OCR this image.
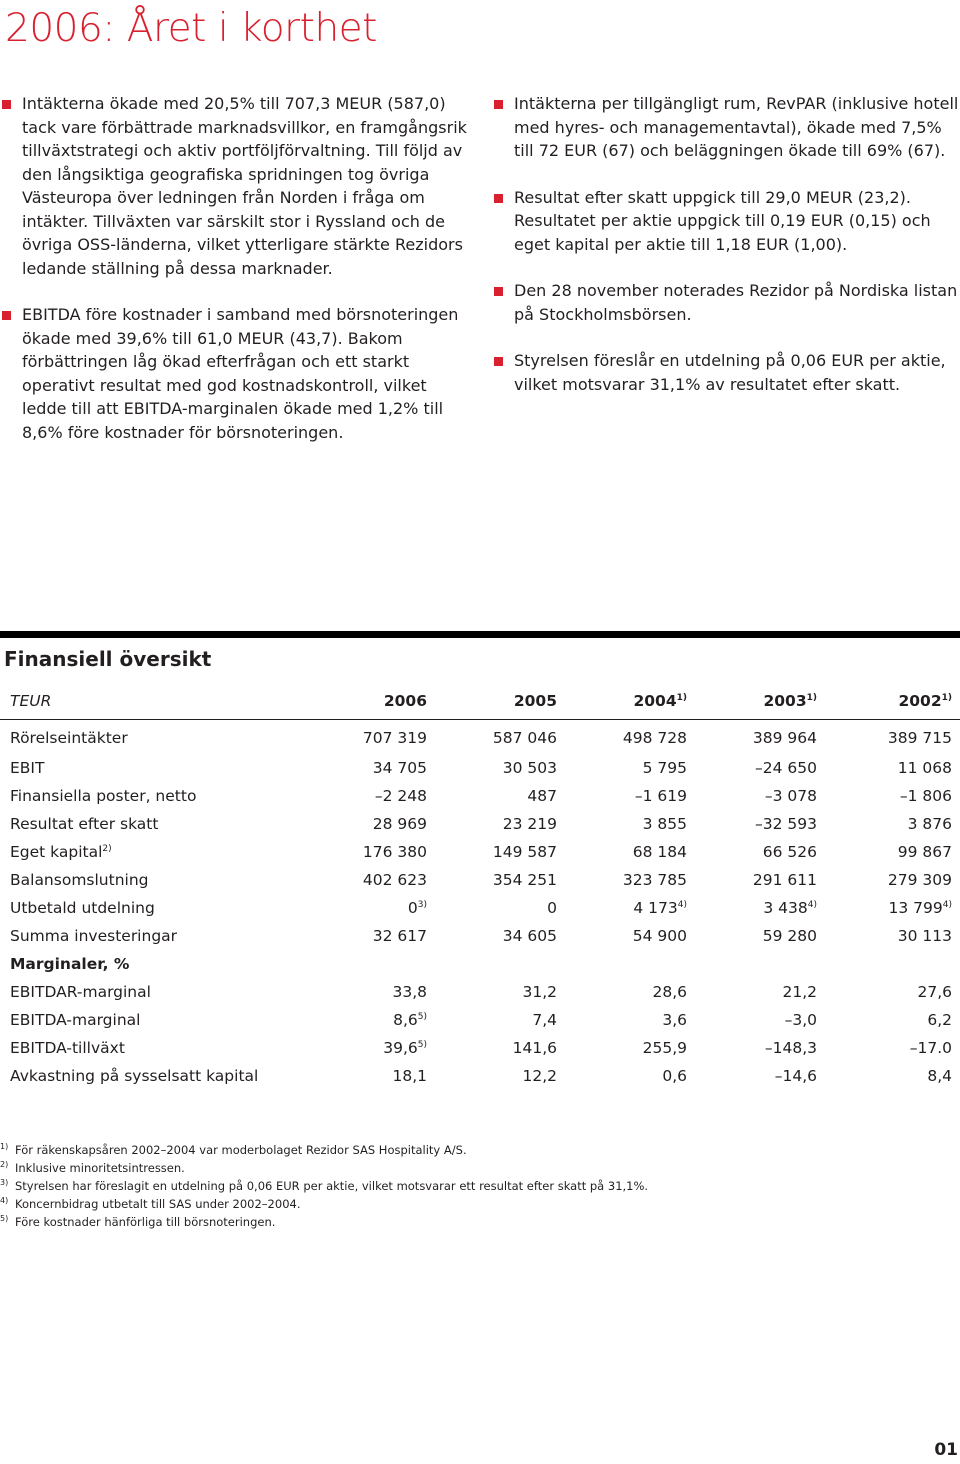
2006: Året i korthet
Intäkterna ökade med 20,5% till 707,3 MEUR (587,0) tack vare förbättrade marknadsvillkor, en framgångsrik tillväxtstrategi och aktiv portföljförvaltning. Till följd av den långsiktiga geografiska spridningen tog övriga Västeuropa över ledningen från Norden i fråga om intäkter. Tillväxten var särskilt stor i Ryssland och de övriga OSS-länderna, vilket ytterligare stärkte Rezidors ledande ställning på dessa marknader.
EBITDA före kostnader i samband med börsnoteringen ökade med 39,6% till 61,0 MEUR (43,7). Bakom förbättringen låg ökad efterfrågan och ett starkt operativt resultat med god kostnadskontroll, vilket ledde till att EBITDA-marginalen ökade med 1,2% till 8,6% före kostnader för börsnoteringen.
Intäkterna per tillgängligt rum, RevPAR (inklusive hotell med hyres- och managementavtal), ökade med 7,5% till 72 EUR (67) och beläggningen ökade till 69% (67).
Resultat efter skatt uppgick till 29,0 MEUR (23,2). Resultatet per aktie uppgick till 0,19 EUR (0,15) och eget kapital per aktie till 1,18 EUR (1,00).
Den 28 november noterades Rezidor på Nordiska listan på Stockholmsbörsen.
Styrelsen föreslår en utdelning på 0,06 EUR per aktie, vilket motsvarar 31,1% av resultatet efter skatt.
Finansiell översikt
TEUR	2006	2005	2004$^{1)}$	2003$^{1)}$	2002$^{1)}$
Rörelseintäkter	707 319	587 046	498 728	389 964	389 715
EBIT	34 705	30 503	5 795	–24 650	11 068
Finansiella poster, netto	–2 248	487	–1 619	–3 078	–1 806
Resultat efter skatt	28 969	23 219	3 855	–32 593	3 876
Eget kapital$^{2)}$	176 380	149 587	68 184	66 526	99 867
Balansomslutning	402 623	354 251	323 785	291 611	279 309
Utbetald utdelning	0$^{3)}$	0	4 173$^{4)}$	3 438$^{4)}$	13 799$^{4)}$
Summa investeringar	32 617	34 605	54 900	59 280	30 113
Marginaler, %					
EBITDAR-marginal	33,8	31,2	28,6	21,2	27,6
EBITDA-marginal	8,6$^{5)}$	7,4	3,6	–3,0	6,2
EBITDA-tillväxt	39,6$^{5)}$	141,6	255,9	–148,3	–17.0
Avkastning på sysselsatt kapital	18,1	12,2	0,6	–14,6	8,4
1) För räkenskapsåren 2002–2004 var moderbolaget Rezidor SAS Hospitality A/S.
2) Inklusive minoritetsintressen.
3) Styrelsen har föreslagit en utdelning på 0,06 EUR per aktie, vilket motsvarar ett resultat efter skatt på 31,1%.
4) Koncernbidrag utbetalt till SAS under 2002–2004.
5) Före kostnader hänförliga till börsnoteringen.
01
